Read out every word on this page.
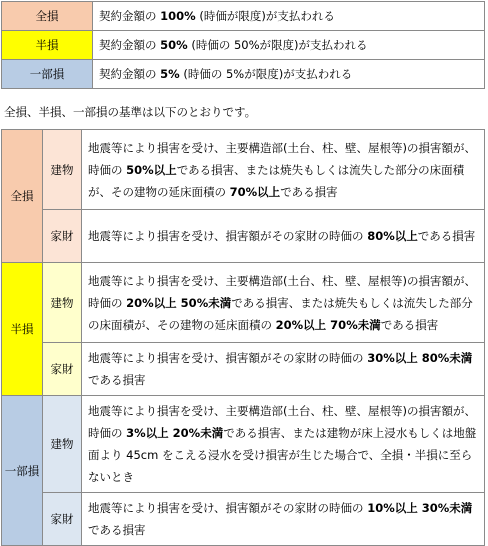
全損	契約金額の 100% (時価が限度)が支払われる
半損	契約金額の 50% (時価の 50%が限度)が支払われる
一部損	契約金額の 5% (時価の 5%が限度)が支払われる
全損、半損、一部損の基準は以下のとおりです。
全損	建物	地震等により損害を受け、主要構造部(土台、柱、壁、屋根等)の損害額が、時価の 50%以上である損害、または焼失もしくは流失した部分の床面積が、その建物の延床面積の 70%以上である損害
	家財	地震等により損害を受け、損害額がその家財の時価の 80%以上である損害
半損	建物	地震等により損害を受け、主要構造部(土台、柱、壁、屋根等)の損害額が、時価の 20%以上 50%未満である損害、または焼失もしくは流失した部分の床面積が、その建物の延床面積の 20%以上 70%未満である損害
	家財	地震等により損害を受け、損害額がその家財の時価の 30%以上 80%未満である損害
一部損	建物	地震等により損害を受け、主要構造部(土台、柱、壁、屋根等)の損害額が、時価の 3%以上 20%未満である損害、または建物が床上浸水もしくは地盤面より 45cm をこえる浸水を受け損害が生じた場合で、全損・半損に至らないとき
	家財	地震等により損害を受け、損害額がその家財の時価の 10%以上 30%未満である損害
